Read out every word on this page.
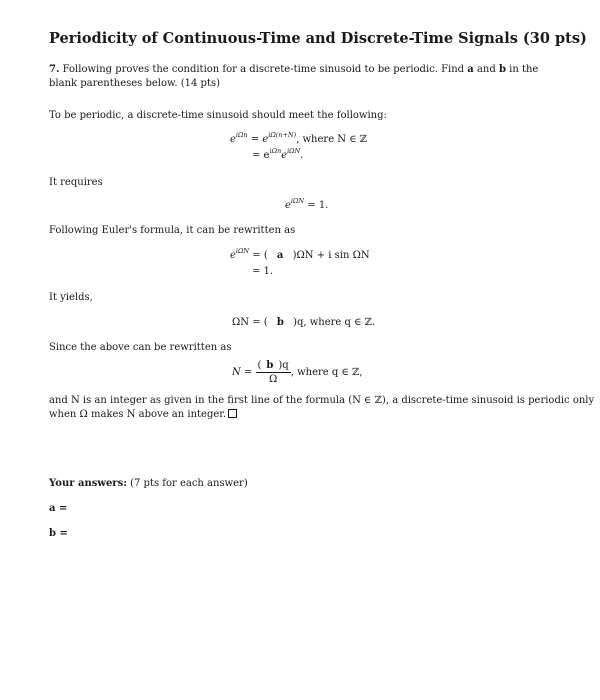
Periodicity of Continuous-Time and Discrete-Time Signals (30 pts)
7. Following proves the condition for a discrete-time sinusoid to be periodic. Find a and b in the blank parentheses below. (14 pts)
To be periodic, a discrete-time sinusoid should meet the following:
$e^{i\Omega n} = e^{i\Omega(n+N)}$, where N ∈ ℤ
= $e^{i\Omega n}e^{i\Omega N}$.
It requires
$e^{i\Omega N} = 1$.
Following Euler's formula, it can be rewritten as
$e^{i\Omega N}$ = ( a )ΩN + i sin ΩN
= 1.
It yields,
ΩN = ( b )q, where q ∈ ℤ.
Since the above can be rewritten as
$N = \frac{( b )q}{\Omega}$ , where q ∈ ℤ,
and N is an integer as given in the first line of the formula (N ∈ ℤ), a discrete-time sinusoid is periodic only
when Ω makes N above an integer.
Your answers: (7 pts for each answer)
a =
b =
